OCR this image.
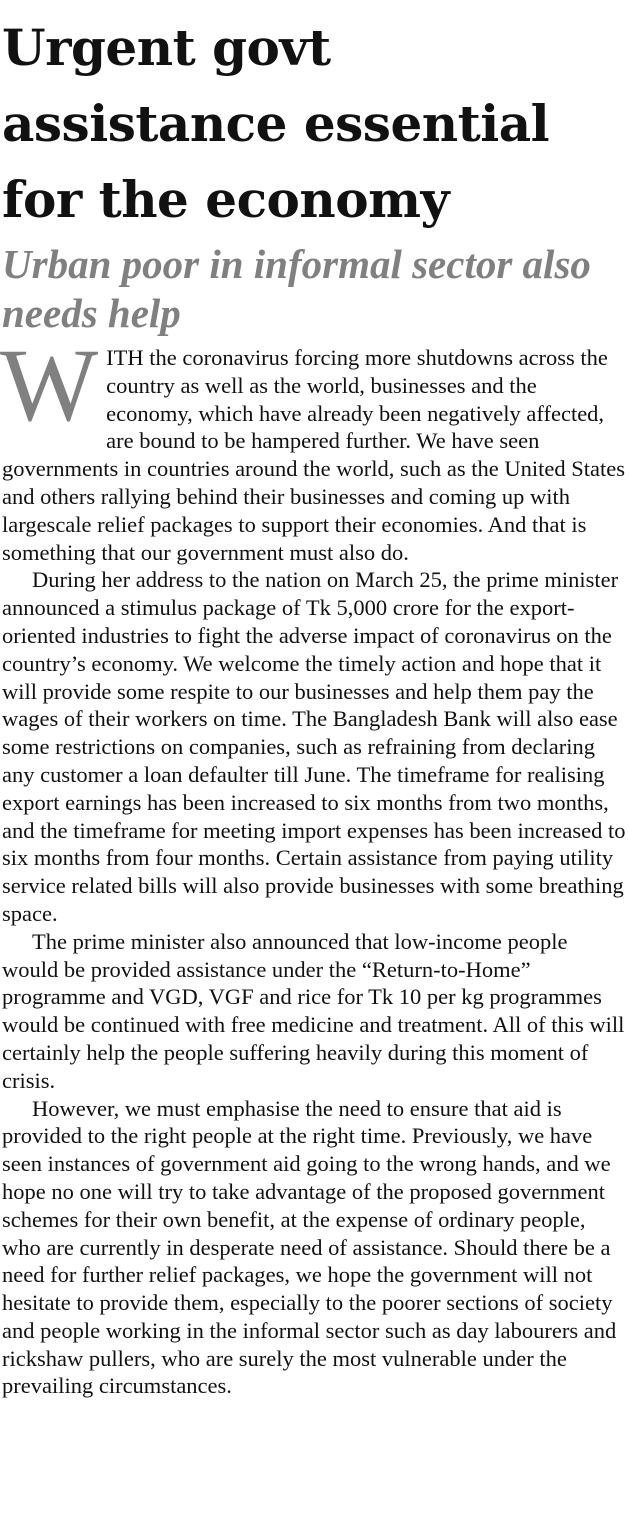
Urgent govt assistance essential for the economy
Urban poor in informal sector also needs help

WITH the coronavirus forcing more shutdowns across the country as well as the world, businesses and the economy, which have already been negatively affected, are bound to be hampered further. We have seen governments in countries around the world, such as the United States and others rallying behind their businesses and coming up with largescale relief packages to support their economies. And that is something that our government must also do.

During her address to the nation on March 25, the prime minister announced a stimulus package of Tk 5,000 crore for the export-oriented industries to fight the adverse impact of coronavirus on the country’s economy. We welcome the timely action and hope that it will provide some respite to our businesses and help them pay the wages of their workers on time. The Bangladesh Bank will also ease some restrictions on companies, such as refraining from declaring any customer a loan defaulter till June. The timeframe for realising export earnings has been increased to six months from two months, and the timeframe for meeting import expenses has been increased to six months from four months. Certain assistance from paying utility service related bills will also provide businesses with some breathing space.

The prime minister also announced that low-income people would be provided assistance under the “Return-to-Home” programme and VGD, VGF and rice for Tk 10 per kg programmes would be continued with free medicine and treatment. All of this will certainly help the people suffering heavily during this moment of crisis.

However, we must emphasise the need to ensure that aid is provided to the right people at the right time. Previously, we have seen instances of government aid going to the wrong hands, and we hope no one will try to take advantage of the proposed government schemes for their own benefit, at the expense of ordinary people, who are currently in desperate need of assistance. Should there be a need for further relief packages, we hope the government will not hesitate to provide them, especially to the poorer sections of society and people working in the informal sector such as day labourers and rickshaw pullers, who are surely the most vulnerable under the prevailing circumstances.
